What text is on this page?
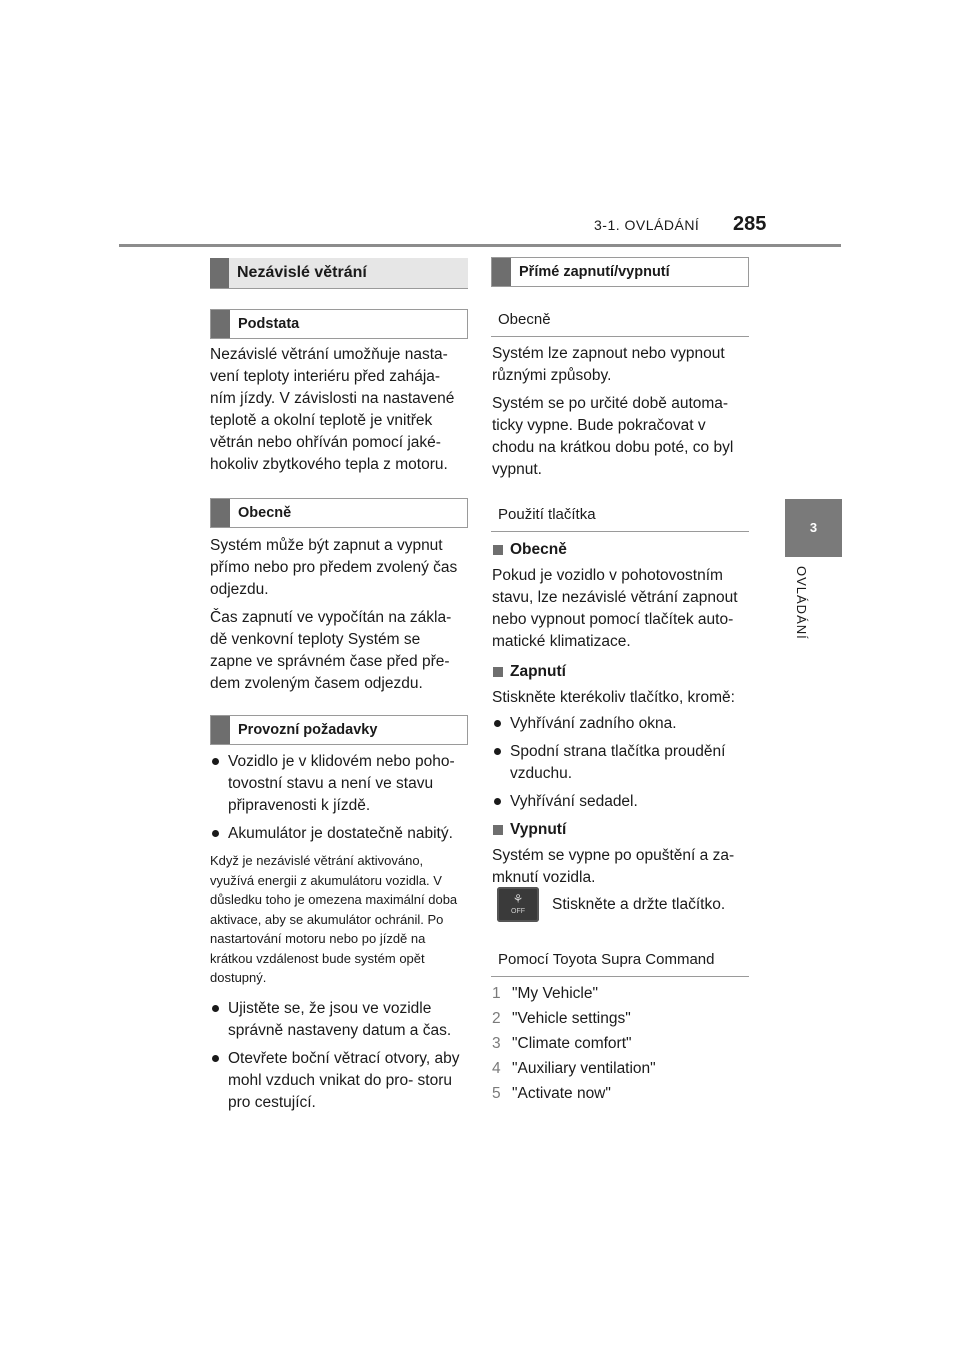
3-1. OVLÁDÁNÍ 285
3
OVLÁDÁNÍ
Nezávislé větrání
Podstata
Nezávislé větrání umožňuje nasta- vení teploty interiéru před zahája- ním jízdy. V závislosti na nastavené teplotě a okolní teplotě je vnitřek větrán nebo ohříván pomocí jaké- hokoliv zbytkového tepla z motoru.
Obecně

Systém může být zapnut a vypnut přímo nebo pro předem zvolený čas odjezdu.

Čas zapnutí ve vypočítán na zákla- dě venkovní teploty Systém se zapne ve správném čase před pře- dem zvoleným časem odjezdu.

Provozní požadavky
Vozidlo je v klidovém nebo poho- tovostní stavu a není ve stavu připravenosti k jízdě.
Akumulátor je dostatečně nabitý.
Když je nezávislé větrání aktivováno, využívá energii z akumulátoru vozidla. V důsledku toho je omezena maximální doba aktivace, aby se akumulátor ochránil. Po nastartování motoru nebo po jízdě na krátkou vzdálenost bude systém opět dostupný.
Ujistěte se, že jsou ve vozidle správně nastaveny datum a čas.
Otevřete boční větrací otvory, aby mohl vzduch vnikat do pro- storu pro cestující.
Přímé zapnutí/vypnutí
Obecně

Systém lze zapnout nebo vypnout různými způsoby.

Systém se po určité době automa- ticky vypne. Bude pokračovat v chodu na krátkou dobu poté, co byl vypnut.

Použití tlačítka
Obecně
Pokud je vozidlo v pohotovostním stavu, lze nezávislé větrání zapnout nebo vypnout pomocí tlačítek auto- matické klimatizace.
Zapnutí
Stiskněte kterékoliv tlačítko, kromě:
Vyhřívání zadního okna.
Spodní strana tlačítka proudění vzduchu.
Vyhřívání sedadel.
Vypnutí
Systém se vypne po opuštění a za- mknutí vozidla.
⚘
OFF	Stiskněte a držte tlačítko.
Pomocí Toyota Supra Command
1 "My Vehicle"
2 "Vehicle settings"
3 "Climate comfort"
4 "Auxiliary ventilation"
5 "Activate now"
